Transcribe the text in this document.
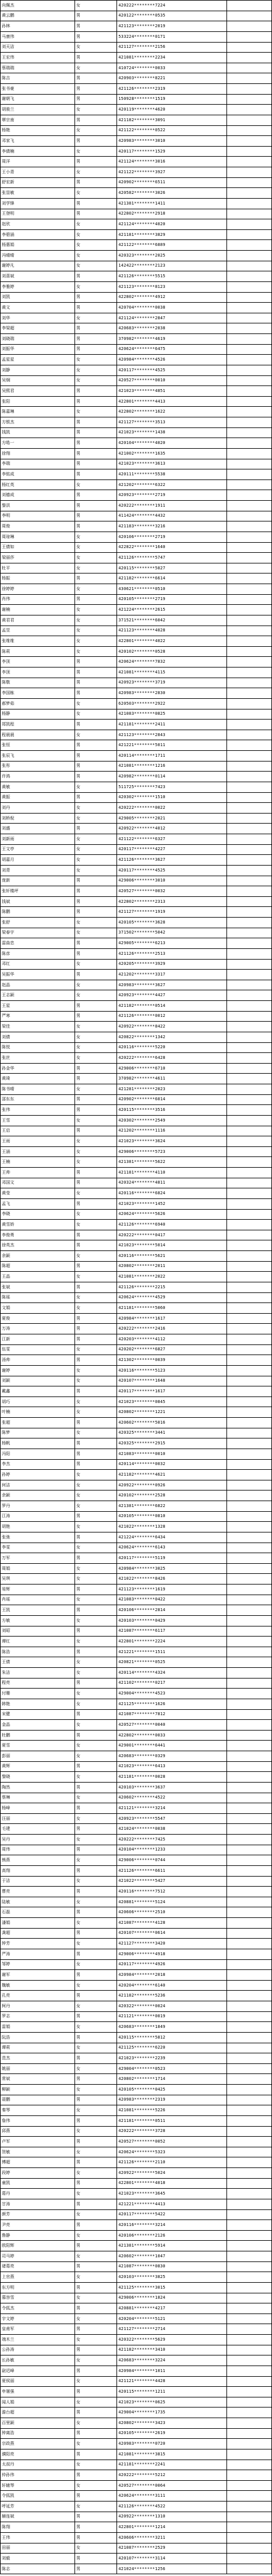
向佩杰	女	420222********7224	
黄云鹏	男	420122********0535	
孙林	男	421123********2019	
马康伟	男	533224********0171	
刘天洁	女	421127********2156	
王宏伟	男	421081********2234	
蔡瑞瑞	女	410724********0033	
陈吉	男	420903********8221	
张书豪	男	421126********2319	
谢朝飞	男	150928********1519	
胡骏兰	女	420119********4620	
覃宗南	男	421182********3091	
杨艳	女	421122********0522	
邓家飞	男	420983********3010	
李倩楠	女	420117********1529	
周洋	男	421124********3016	
王小青	女	421122********3927	
舒宏新	男	420902********6511	
张显敏	女	420582********3026	
刘学锋	男	421381********1411	
王登明	男	422802********2918	
赵欣	女	421124********4020	
李碧涵	女	421181********3829	
杨惠娟	女	421122********6889	
冯晴晴	女	420323********2025	
谢婷凡	女	142422********2123	
刘喜斌	男	421126********5515	
李雅婷	女	421123********8123	
刘凯	男	422802********4912	
黄文	男	420704********0038	
刘华	女	421124********2847	
李梁超	男	420683********2038	
刘晓瑞	男	370982********4619	
刘振华	男	420624********6475	
孟星星	女	420984********4526	
刘静	女	420117********4525	
吴炯	女	420527********0010	
吴熙君	男	421023********4851	
张阳	男	422801********4413	
陈嘉琳	女	422802********1622	
方银杰	男	421127********3513	
钱凯	男	421023********1438	
方晧一	男	420104********4020	
徐翔	男	421002********1635	
李瑞	男	421023********3613	
李铭成	男	420111********5538	
杨红英	女	421202********6322	
刘德成	男	420923********2719	
黎洪	男	420222********1911	
李明	男	411424********4432	
周俊	男	421183********3216	
周琼琳	女	420106********2719	
王倩如	女	422822********1640	
梁丽莎	女	421126********5747	
杜平	女	420115********5027	
杨振	男	421182********6614	
徐婷婷	女	430621********0510	
肖伟	男	420105********2719	
谢楠	女	421224********2615	
黄君君	女	371521********6042	
孟昱	女	421123********4028	
张维维	女	422801********4022	
陈莉	女	420102********0528	
李顶	男	420624********7832	
李顶	男	421081********4115	
陈敬	男	420923********3719	
李国栋	男	420983********2830	
郝梦茹	女	620503********2922	
杨静	女	421083********0825	
郑凯程	男	421181********2411	
程晨晨	女	421123********2843	
张恒	男	421221********5011	
张辰飞	男	420114********1711	
张彤	男	421081********1216	
许鸿	男	420982********0114	
黄敏	女	511725********7423	
黄振	男	420302********1510	
刘丹	女	420222********0022	
刘桥倪	女	429005********2021	
刘盛	男	420922********4012	
刘新雨	女	421122********6327	
王文亭	女	420117********4227	
胡嘉月	女	421126********3627	
刘青	女	420117********4525	
庞新	男	429006********3010	
张轩楼坪	男	420527********0032	
钱斌	男	422802********2313	
陈鹏	男	421127********1919	
张舒	女	420105********3628	
梁春宇	女	371502********5042	
雷曲忠	男	429005********6213	
陈彦	男	421126********2513	
邓红	女	420205********3929	
吴振华	男	421202********3317	
赵晶	女	420983********3627	
王志颖	女	420923********4427	
王星	男	421182********0514	
严寒	男	421126********0012	
梁佳	女	420922********8422	
刘倩	女	420822********1342	
陈悦	女	420116********5220	
张丝	女	420222********6428	
孙金华	男	429006********6710	
黄琦	男	370982********4611	
陈书晴	女	421281********2023	
邵东东	男	420902********6014	
张伟	男	420115********3516	
王雪	女	420302********2549	
王启	男	421202********1116	
王雨	女	421023********3624	
王涵	女	429006********5723	
王楠	女	421381********5622	
王帅	男	421181********4110	
邓国文	男	420324********4811	
黄莹	女	420116********6824	
孟飞	男	421023********1452	
李晓	女	420624********5626	
黄雪娇	女	421126********6940	
李俊勇	男	420222********0417	
徐英杰	男	421023********5014	
余颖	女	420116********5621	
陈超	男	420802********2011	
王晶	女	421081********2022	
张斌	男	421126********2215	
陈瑶	女	420624********4529	
文娟	女	421181********5060	
夏俊	男	420984********1617	
万涛	男	420222********2416	
江新	男	420203********4112	
伍雯	女	420202********6827	
汤帅	男	421302********0039	
谢婷	女	420116********5123	
刘颖	女	420107********1648	
戴鑫	男	420117********1617	
胡巧	女	421023********0845	
叶楠	女	420802********1221	
张超	男	420602********5016	
陈梦	女	420325********3441	
杨帆	男	420325********2915	
冯阳	男	421083********0010	
李杰	男	420114********0032	
孙婷	女	421182********4621	
何洁	女	420922********0926	
余颖	女	420102********2528	
罗丹	女	421381********6822	
江涛	男	420105********0810	
胡艳	女	421022********1328	
张弛	男	421224********6434	
李雯	女	420624********6143	
万军	男	420117********5119	
周娟	女	420984********3025	
吴琪	女	421022********8426	
易辉	男	421123********1619	
肖瑶	女	421083********0422	
王凯	男	420106********2814	
方敏	女	420103********0429	
刘昭	男	421087********6117	
谭红	女	422801********2224	
陈浩	男	421221********1511	
王倩	女	420821********0525	
朱洁	女	420114********4324	
程亮	男	421102********0217	
付珊	女	429004********4523	
韩艳	女	421125********1626	
宋健	男	421087********7812	
金晶	女	420527********0040	
杜鹏	男	422802********0033	
夏雪	女	429001********6441	
彭丽	女	420683********0329	
黄辉	男	421023********6413	
黎晓	女	421181********0028	
陶然	男	420103********3637	
蔡琳	女	420602********4522	
杨峰	男	421121********3214	
汪丽	女	420923********5547	
毛建	男	421024********0038	
吴丹	女	420222********7425	
周伟	男	420104********1233	
熊燕	女	429006********0744	
高翔	男	421126********6611	
于洁	女	421022********5427	
曹亮	男	420116********7512	
陆敏	女	420881********5124	
石磊	男	420606********2510	
潘娟	女	421087********4128	
龚超	男	420107********0614	
钟芳	女	421127********3420	
严涛	男	429006********4918	
邹婷	女	420117********4926	
谢军	男	420984********2018	
魏敏	女	420204********6140	
孔亮	男	421182********5236	
柯丹	女	420322********0024	
罗志	男	421121********0019	
雷娟	女	420683********1849	
阮浩	男	420115********5812	
谭莉	女	421125********6220	
范杰	男	421023********2239	
姚丽	女	429004********0523	
常斌	男	420802********1714	
柳颖	女	420105********0425	
聂鹏	男	420983********2319	
秦琴	女	421081********5226	
詹伟	男	421181********0511	
邱燕	女	420222********3728	
卢军	男	420527********0052	
贺敏	女	420624********5323	
傅超	男	421126********2110	
段婷	女	420922********5024	
童凯	男	422801********4018	
葛丹	女	421023********3645	
甘涛	男	421221********4413	
颜芳	女	420117********5422	
尹亮	男	420116********3214	
鲁静	女	420106********2126	
欧阳辉	男	421381********5914	
司马婷	女	420602********1047	
诸葛亮	男	421087********0830	
上官燕	女	420103********3825	
东方明	男	421125********3015	
慕容雪	女	429006********1824	
令狐杰	男	420881********4217	
宇文婷	女	420204********5121	
皇甫军	男	421127********2714	
端木兰	女	420322********5629	
公孙涛	男	421182********3410	
长孙敏	女	420683********3224	
尉迟峰	男	420984********1011	
夏侯丽	女	421121********4428	
申屠强	男	420115********1211	
闻人娟	女	421023********0625	
澹台超	男	429004********1735	
百里颖	女	420802********3423	
钟离浩	男	420105********2619	
宗政燕	女	420983********0720	
濮阳亮	男	421081********3815	
太叔丹	女	421181********2241	
仲孙伟	男	420222********5212	
轩辕琴	女	420527********0064	
令狐凯	男	420624********3111	
呼延芳	女	421126********4522	
赫连斌	男	420922********1310	
陈翔	男	422801********1214	
王伟	男	420606********3211	
田丽	女	421087********2529	
刘毅	男	420107********3114	
陈志	男	421024********1256	
